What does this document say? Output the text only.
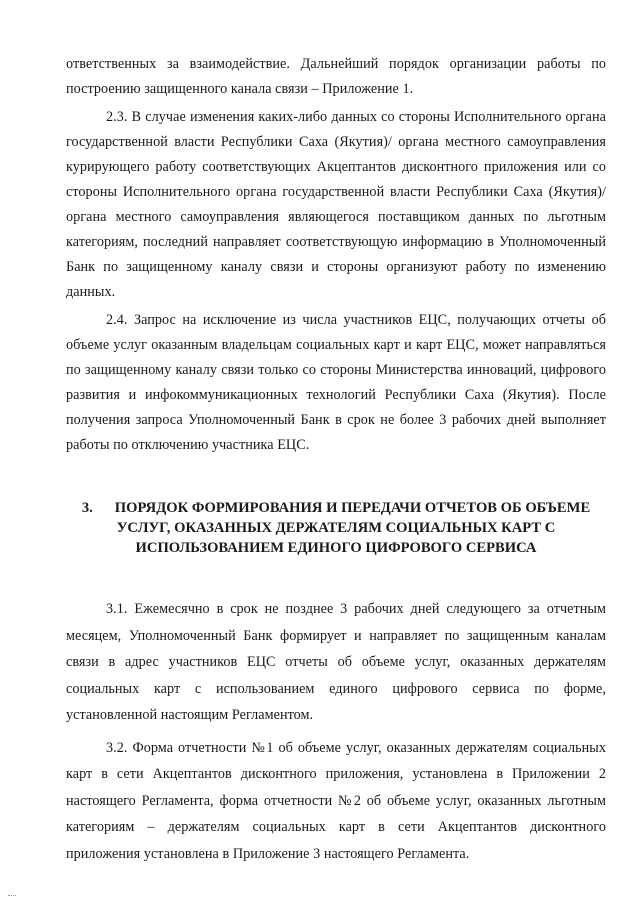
ответственных за взаимодействие. Дальнейший порядок организации работы по построению защищенного канала связи – Приложение 1.

2.3. В случае изменения каких-либо данных со стороны Исполнительного органа государственной власти Республики Саха (Якутия)/ органа местного самоуправления курирующего работу соответствующих Акцептантов дисконтного приложения или со стороны Исполнительного органа государственной власти Республики Саха (Якутия)/органа местного самоуправления являющегося поставщиком данных по льготным категориям, последний направляет соответствующую информацию в Уполномоченный Банк по защищенному каналу связи и стороны организуют работу по изменению данных.

2.4. Запрос на исключение из числа участников ЕЦС, получающих отчеты об объеме услуг оказанным владельцам социальных карт и карт ЕЦС, может направляться по защищенному каналу связи только со стороны Министерства инноваций, цифрового развития и инфокоммуникационных технологий Республики Саха (Якутия). После получения запроса Уполномоченный Банк в срок не более 3 рабочих дней выполняет работы по отключению участника ЕЦС.

3. ПОРЯДОК ФОРМИРОВАНИЯ И ПЕРЕДАЧИ ОТЧЕТОВ ОБ ОБЪЕМЕ УСЛУГ, ОКАЗАННЫХ ДЕРЖАТЕЛЯМ СОЦИАЛЬНЫХ КАРТ С ИСПОЛЬЗОВАНИЕМ ЕДИНОГО ЦИФРОВОГО СЕРВИСА

3.1. Ежемесячно в срок не позднее 3 рабочих дней следующего за отчетным месяцем, Уполномоченный Банк формирует и направляет по защищенным каналам связи в адрес участников ЕЦС отчеты об объеме услуг, оказанных держателям социальных карт с использованием единого цифрового сервиса по форме, установленной настоящим Регламентом.

3.2. Форма отчетности №1 об объеме услуг, оказанных держателям социальных карт в сети Акцептантов дисконтного приложения, установлена в Приложении 2 настоящего Регламента, форма отчетности №2 об объеме услуг, оказанных льготным категориям – держателям социальных карт в сети Акцептантов дисконтного приложения установлена в Приложение 3 настоящего Регламента.
